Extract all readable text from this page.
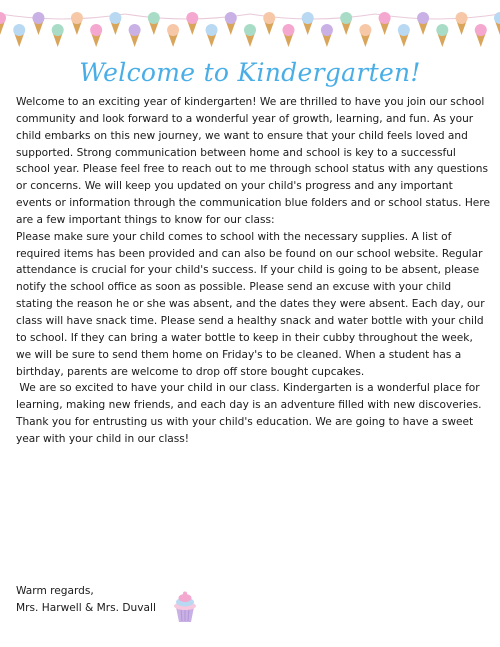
Welcome to Kindergarten!

Welcome to an exciting year of kindergarten! We are thrilled to have you join our school community and look forward to a wonderful year of growth, learning, and fun. As your child embarks on this new journey, we want to ensure that your child feels loved and supported. Strong communication between home and school is key to a successful school year. Please feel free to reach out to me through school status with any questions or concerns. We will keep you updated on your child's progress and any important events or information through the communication blue folders and or school status. Here are a few important things to know for our class:

Please make sure your child comes to school with the necessary supplies. A list of required items has been provided and can also be found on our school website. Regular attendance is crucial for your child's success. If your child is going to be absent, please notify the school office as soon as possible. Please send an excuse with your child stating the reason he or she was absent, and the dates they were absent. Each day, our class will have snack time. Please send a healthy snack and water bottle with your child to school. If they can bring a water bottle to keep in their cubby throughout the week, we will be sure to send them home on Friday's to be cleaned. When a student has a birthday, parents are welcome to drop off store bought cupcakes.

We are so excited to have your child in our class. Kindergarten is a wonderful place for learning, making new friends, and each day is an adventure filled with new discoveries.

Thank you for entrusting us with your child's education. We are going to have a sweet year with your child in our class!

Warm regards,
Mrs. Harwell & Mrs. Duvall
